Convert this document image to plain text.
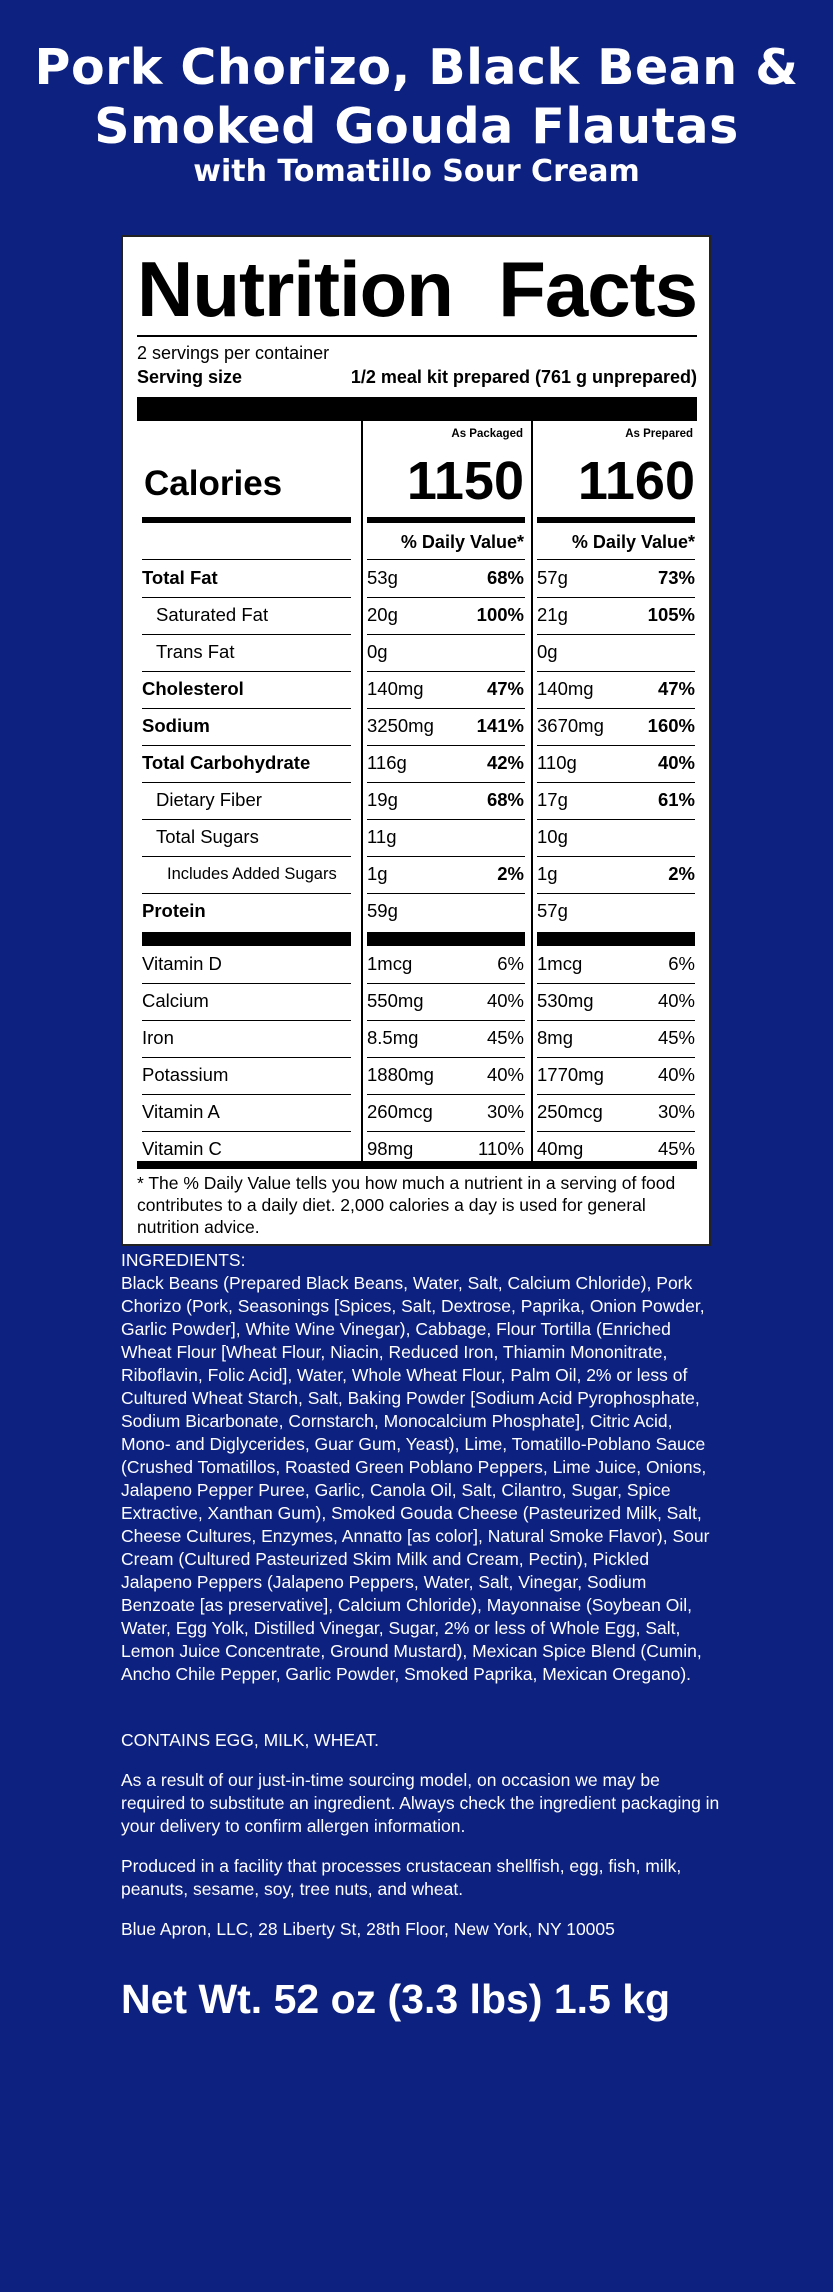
Pork Chorizo, Black Bean &
Smoked Gouda Flautas
with Tomatillo Sour Cream
Nutrition Facts
2 servings per container
Serving size	1/2 meal kit prepared (761 g unprepared)
As Packaged	As Prepared
Calories	1150 1160
% Daily Value*	% Daily Value*
Total Fat	53g	68% 57g	73%
Saturated Fat	20g	100% 21g	105%
Trans Fat	0g	0g
Cholesterol	140mg	47% 140mg	47%
Sodium	3250mg	141% 3670mg	160%
Total Carbohydrate	116g	42% 110g	40%
Dietary Fiber	19g	68% 17g	61%
Total Sugars	11g	10g
Includes Added Sugars 1g	2% 1g	2%
Protein	59g	57g
Vitamin D	1mcg	6% 1mcg	6%
Calcium	550mg	40% 530mg	40%
Iron	8.5mg	45% 8mg	45%
Potassium	1880mg	40% 1770mg	40%
Vitamin A	260mcg	30% 250mcg	30%
Vitamin C	98mg	110% 40mg	45%
* The % Daily Value tells you how much a nutrient in a serving of food contributes to a daily diet. 2,000 calories a day is used for general nutrition advice.
INGREDIENTS:
Black Beans (Prepared Black Beans, Water, Salt, Calcium Chloride), Pork Chorizo (Pork, Seasonings [Spices, Salt, Dextrose, Paprika, Onion Powder, Garlic Powder], White Wine Vinegar), Cabbage, Flour Tortilla (Enriched Wheat Flour [Wheat Flour, Niacin, Reduced Iron, Thiamin Mononitrate, Riboflavin, Folic Acid], Water, Whole Wheat Flour, Palm Oil, 2% or less of Cultured Wheat Starch, Salt, Baking Powder [Sodium Acid Pyrophosphate, Sodium Bicarbonate, Cornstarch, Monocalcium Phosphate], Citric Acid, Mono- and Diglycerides, Guar Gum, Yeast), Lime, Tomatillo-Poblano Sauce (Crushed Tomatillos, Roasted Green Poblano Peppers, Lime Juice, Onions, Jalapeno Pepper Puree, Garlic, Canola Oil, Salt, Cilantro, Sugar, Spice Extractive, Xanthan Gum), Smoked Gouda Cheese (Pasteurized Milk, Salt, Cheese Cultures, Enzymes, Annatto [as color], Natural Smoke Flavor), Sour Cream (Cultured Pasteurized Skim Milk and Cream, Pectin), Pickled Jalapeno Peppers (Jalapeno Peppers, Water, Salt, Vinegar, Sodium Benzoate [as preservative], Calcium Chloride), Mayonnaise (Soybean Oil, Water, Egg Yolk, Distilled Vinegar, Sugar, 2% or less of Whole Egg, Salt, Lemon Juice Concentrate, Ground Mustard), Mexican Spice Blend (Cumin, Ancho Chile Pepper, Garlic Powder, Smoked Paprika, Mexican Oregano).
CONTAINS EGG, MILK, WHEAT.
As a result of our just-in-time sourcing model, on occasion we may be required to substitute an ingredient. Always check the ingredient packaging in your delivery to confirm allergen information.
Produced in a facility that processes crustacean shellfish, egg, fish, milk, peanuts, sesame, soy, tree nuts, and wheat.
Blue Apron, LLC, 28 Liberty St, 28th Floor, New York, NY 10005
Net Wt. 52 oz (3.3 lbs) 1.5 kg
